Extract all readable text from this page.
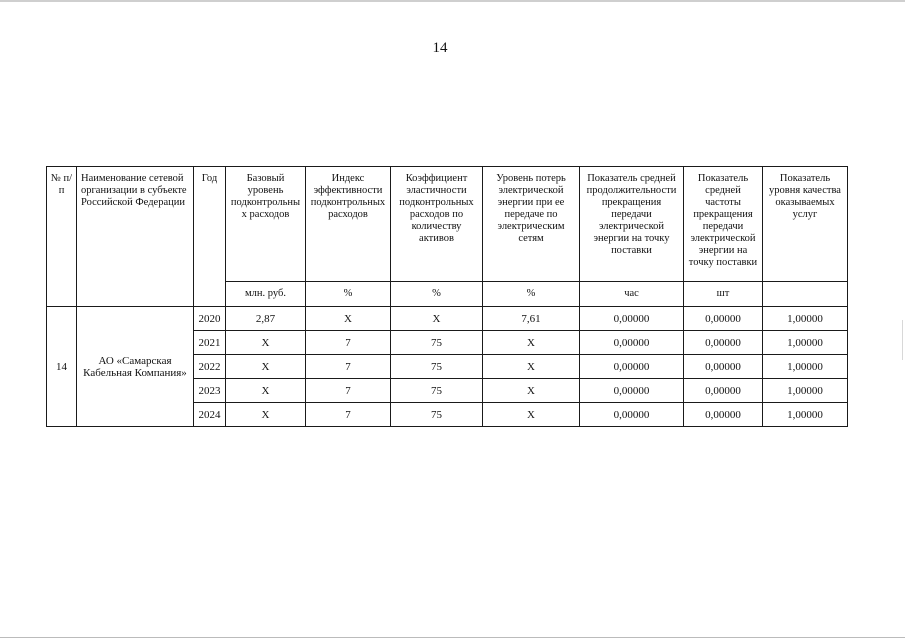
14
№ п/п	Наименование сетевой организации в субъекте Российской Федерации	Год	Базовый уровень подконтрольны х расходов	Индекс эффективности подконтрольных расходов	Коэффициент эластичности подконтрольных расходов по количеству активов	Уровень потерь электрической энергии при ее передаче по электрическим сетям	Показатель средней продолжительности прекращения передачи электрической энергии на точку поставки	Показатель средней частоты прекращения передачи электрической энергии на точку поставки	Показатель уровня качества оказываемых услуг
			млн. руб.	%	%	%	час	шт	
14	АО «Самарская Кабельная Компания»	2020	2,87	X	X	7,61	0,00000	0,00000	1,00000
		2021	X	7	75	X	0,00000	0,00000	1,00000
		2022	X	7	75	X	0,00000	0,00000	1,00000
		2023	X	7	75	X	0,00000	0,00000	1,00000
		2024	X	7	75	X	0,00000	0,00000	1,00000
